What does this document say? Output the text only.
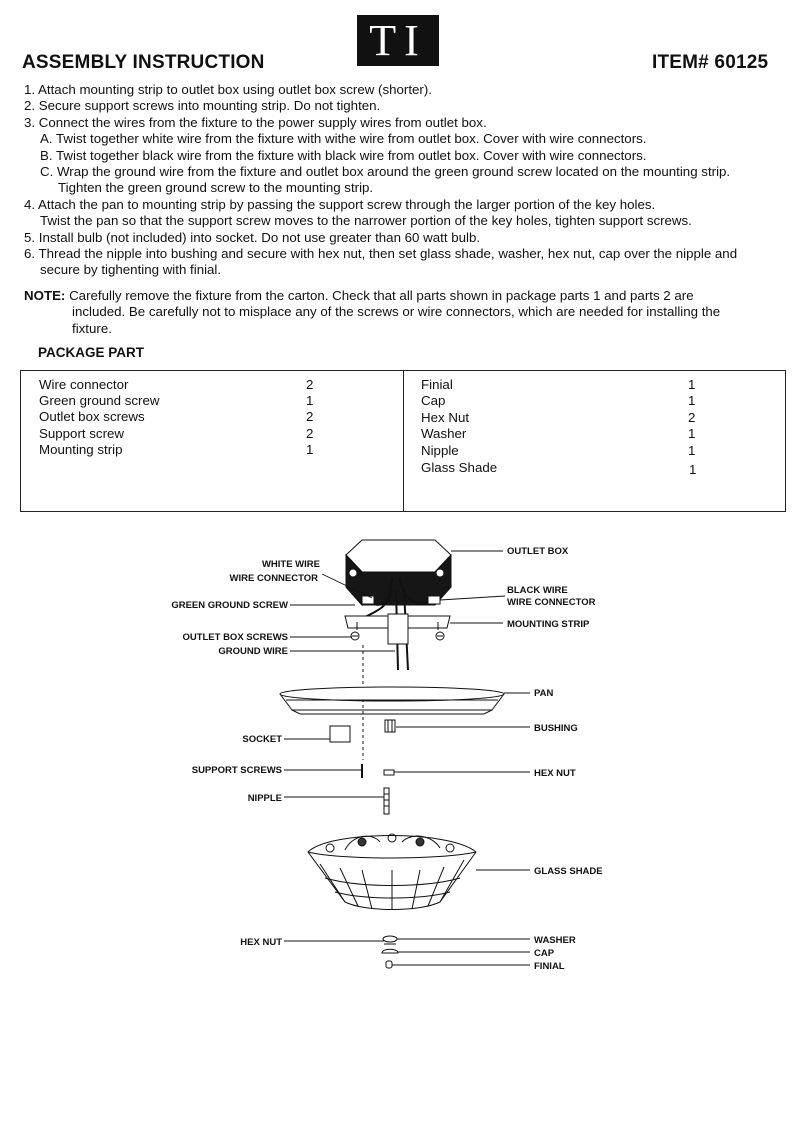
ASSEMBLY INSTRUCTION TI	ITEM# 60125
1. Attach mounting strip to outlet box using outlet box screw (shorter).
2. Secure support screws into mounting strip. Do not tighten.
3. Connect the wires from the fixture to the power supply wires from outlet box.
A. Twist together white wire from the fixture with withe wire from outlet box. Cover with wire connectors.
B. Twist together black wire from the fixture with black wire from outlet box. Cover with wire connectors.
C. Wrap the ground wire from the fixture and outlet box around the green ground screw located on the mounting strip.
Tighten the green ground screw to the mounting strip.
4. Attach the pan to mounting strip by passing the support screw through the larger portion of the key holes.
Twist the pan so that the support screw moves to the narrower portion of the key holes, tighten support screws.
5. Install bulb (not included) into socket. Do not use greater than 60 watt bulb.
6. Thread the nipple into bushing and secure with hex nut, then set glass shade, washer, hex nut, cap over the nipple and
secure by tighenting with finial.
NOTE: Carefully remove the fixture from the carton. Check that all parts shown in package parts 1 and parts 2 are
included. Be carefully not to misplace any of the screws or wire connectors, which are needed for installing the
fixture.
PACKAGE PART
Wire connector	2
Green ground screw	1
Outlet box screws	2
Support screw	2
Mounting strip	1
Finial	1
Cap	1
Hex Nut	2
Washer	1
Nipple	1
Glass Shade	1
OUTLET BOX
WHITE WIRE
WIRE CONNECTOR
BLACK WIRE
WIRE CONNECTOR
GREEN GROUND SCREW
MOUNTING STRIP
OUTLET BOX SCREWS
GROUND WIRE
PAN
BUSHING
SOCKET
SUPPORT SCREWS	HEX NUT
NIPPLE
GLASS SHADE
HEX NUT	WASHER
CAP
FINIAL
